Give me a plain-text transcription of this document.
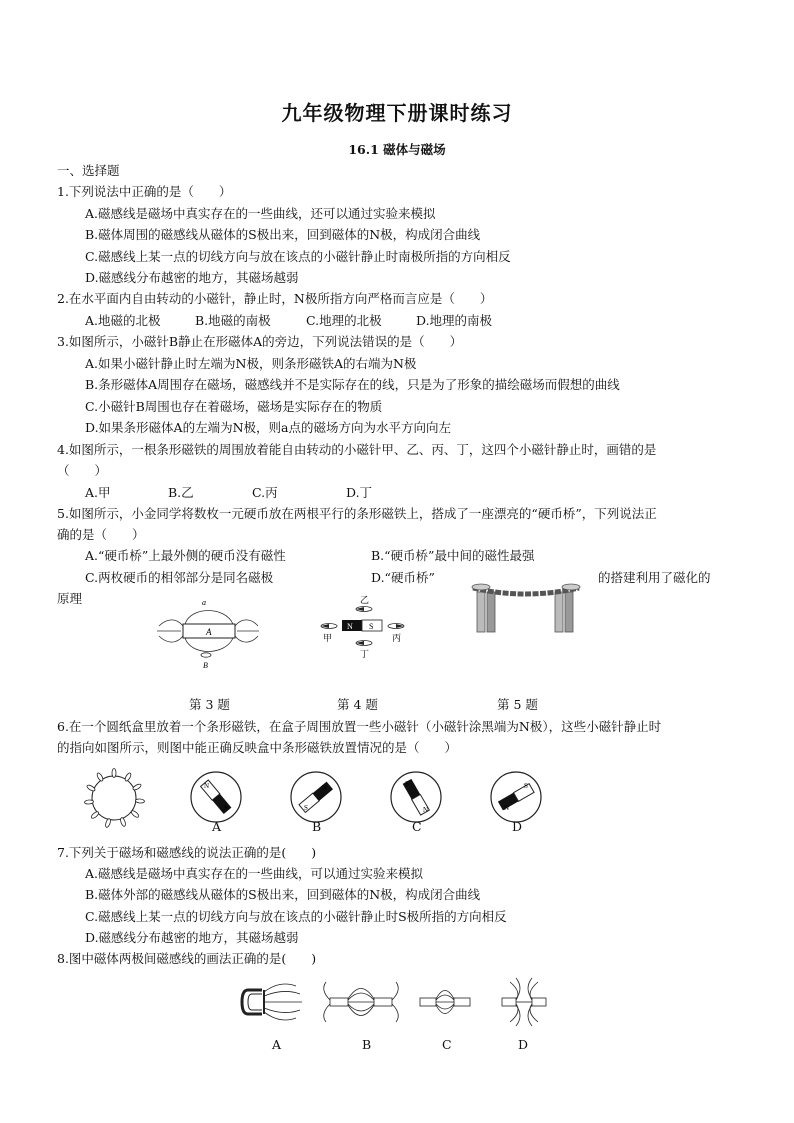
九年级物理下册课时练习
16.1 磁体与磁场
一、选择题
1.下列说法中正确的是（　　）
A.磁感线是磁场中真实存在的一些曲线，还可以通过实验来模拟
B.磁体周围的磁感线从磁体的S极出来，回到磁体的N极，构成闭合曲线
C.磁感线上某一点的切线方向与放在该点的小磁针静止时南极所指的方向相反
D.磁感线分布越密的地方，其磁场越弱
2.在水平面内自由转动的小磁针，静止时，N极所指方向严格而言应是（　　）
A.地磁的北极	B.地磁的南极	C.地理的北极	D.地理的南极
3.如图所示，小磁针B静止在形磁体A的旁边，下列说法错误的是（　　）
A.如果小磁针静止时左端为N极，则条形磁铁A的右端为N极
B.条形磁体A周围存在磁场，磁感线并不是实际存在的线，只是为了形象的描绘磁场而假想的曲线
C.小磁针B周围也存在着磁场，磁场是实际存在的物质
D.如果条形磁体A的左端为N极，则a点的磁场方向为水平方向向左
4.如图所示，一根条形磁铁的周围放着能自由转动的小磁针甲、乙、丙、丁，这四个小磁针静止时，画错的是
（　　）
A.甲	B.乙	C.丙	D.丁
5.如图所示，小金同学将数枚一元硬币放在两根平行的条形磁铁上，搭成了一座漂亮的“硬币桥”，下列说法正
确的是（　　）
A.“硬币桥”上最外侧的硬币没有磁性	B.“硬币桥”最中间的磁性最强
C.两枚硬币的相邻部分是同名磁极	D.“硬币桥”	的搭建利用了磁化的
原理
A
a
B
乙
N S
甲	丙
丁
第 3 题	第 4 题	第 5 题
6.在一个圆纸盒里放着一个条形磁铁，在盒子周围放置一些小磁针（小磁针涂黑端为N极），这些小磁针静止时
的指向如图所示，则图中能正确反映盒中条形磁铁放置情况的是（　　）
N
S
N
S
S
N	N
S
A	B	C	D
7.下列关于磁场和磁感线的说法正确的是(　　)
A.磁感线是磁场中真实存在的一些曲线，可以通过实验来模拟
B.磁体外部的磁感线从磁体的S极出来，回到磁体的N极，构成闭合曲线
C.磁感线上某一点的切线方向与放在该点的小磁针静止时S极所指的方向相反
D.磁感线分布越密的地方，其磁场越弱
8.图中磁体两极间磁感线的画法正确的是(　　)
A	B	C	D
